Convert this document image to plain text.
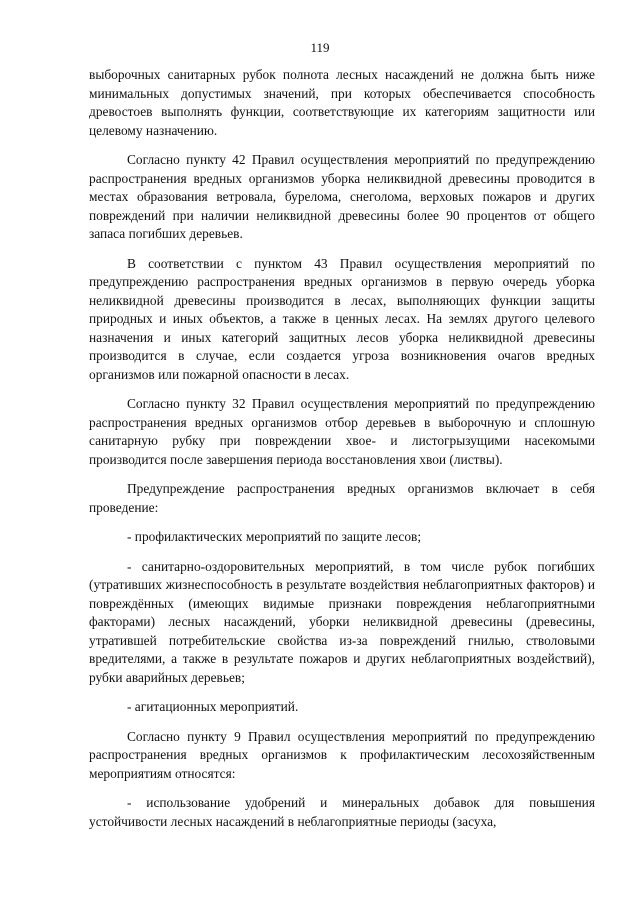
119

выборочных санитарных рубок полнота лесных насаждений не должна быть ниже минимальных допустимых значений, при которых обеспечивается способность древостоев выполнять функции, соответствующие их категориям защитности или целевому назначению.

Согласно пункту 42 Правил осуществления мероприятий по предупреждению распространения вредных организмов уборка неликвидной древесины проводится в местах образования ветровала, бурелома, снеголома, верховых пожаров и других повреждений при наличии неликвидной древесины более 90 процентов от общего запаса погибших деревьев.

В соответствии с пунктом 43 Правил осуществления мероприятий по предупреждению распространения вредных организмов в первую очередь уборка неликвидной древесины производится в лесах, выполняющих функции защиты природных и иных объектов, а также в ценных лесах. На землях другого целевого назначения и иных категорий защитных лесов уборка неликвидной древесины производится в случае, если создается угроза возникновения очагов вредных организмов или пожарной опасности в лесах.

Согласно пункту 32 Правил осуществления мероприятий по предупреждению распространения вредных организмов отбор деревьев в выборочную и сплошную санитарную рубку при повреждении хвое- и листогрызущими насекомыми производится после завершения периода восстановления хвои (листвы).

Предупреждение распространения вредных организмов включает в себя проведение:

- профилактических мероприятий по защите лесов;

- санитарно-оздоровительных мероприятий, в том числе рубок погибших (утративших жизнеспособность в результате воздействия неблагоприятных факторов) и повреждённых (имеющих видимые признаки повреждения неблагоприятными факторами) лесных насаждений, уборки неликвидной древесины (древесины, утратившей потребительские свойства из-за повреждений гнилью, стволовыми вредителями, а также в результате пожаров и других неблагоприятных воздействий), рубки аварийных деревьев;

- агитационных мероприятий.

Согласно пункту 9 Правил осуществления мероприятий по предупреждению распространения вредных организмов к профилактическим лесохозяйственным мероприятиям относятся:

- использование удобрений и минеральных добавок для повышения устойчивости лесных насаждений в неблагоприятные периоды (засуха,
